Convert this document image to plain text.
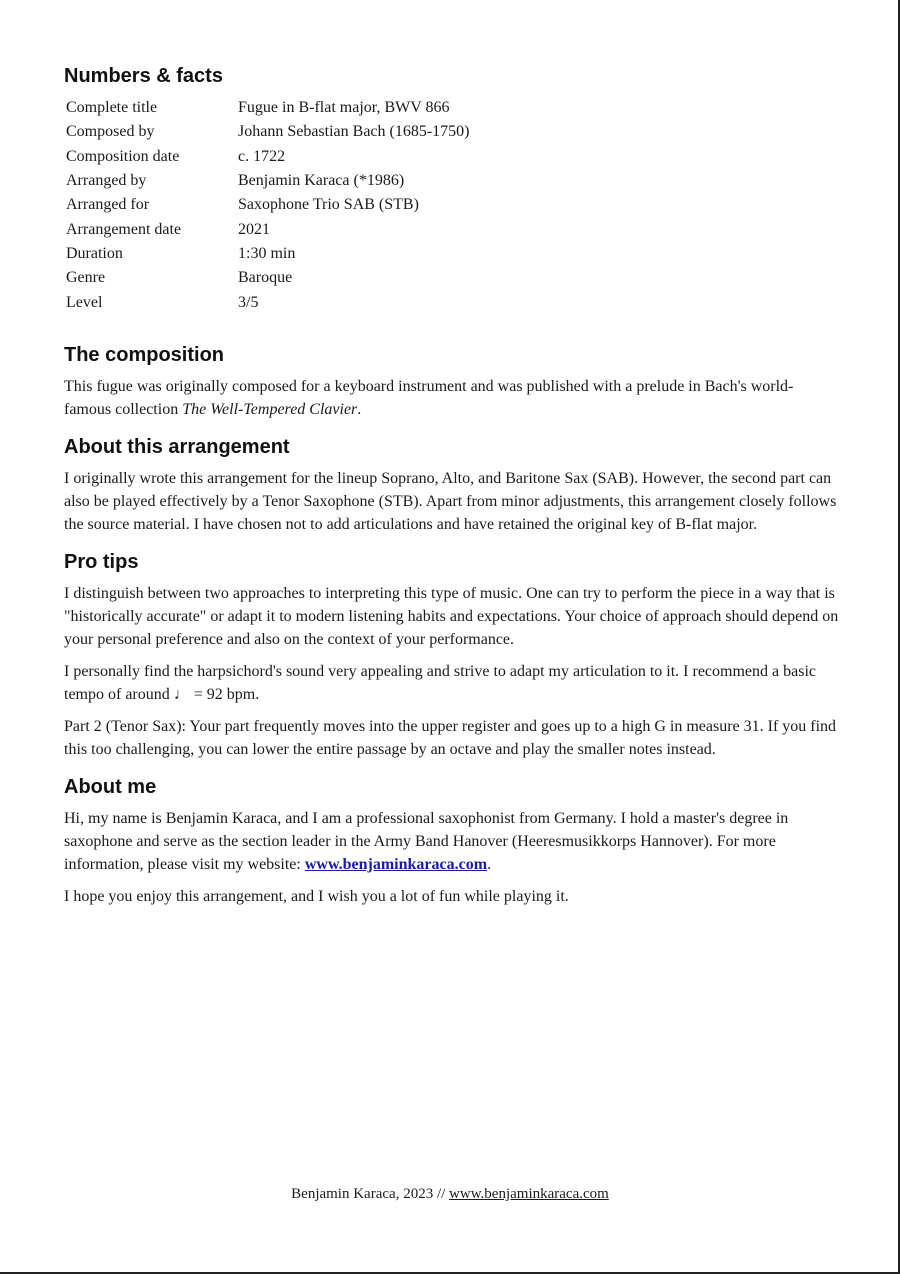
Numbers & facts
Complete title	Fugue in B-flat major, BWV 866
Composed by	Johann Sebastian Bach (1685-1750)
Composition date	c. 1722
Arranged by	Benjamin Karaca (*1986)
Arranged for	Saxophone Trio SAB (STB)
Arrangement date	2021
Duration	1:30 min
Genre	Baroque
Level	3/5
The composition

This fugue was originally composed for a keyboard instrument and was published with a prelude in Bach's world-famous collection The Well-Tempered Clavier.

About this arrangement

I originally wrote this arrangement for the lineup Soprano, Alto, and Baritone Sax (SAB). However, the second part can also be played effectively by a Tenor Saxophone (STB). Apart from minor adjustments, this arrangement closely follows the source material. I have chosen not to add articulations and have retained the original key of B-flat major.

Pro tips

I distinguish between two approaches to interpreting this type of music. One can try to perform the piece in a way that is "historically accurate" or adapt it to modern listening habits and expectations. Your choice of approach should depend on your personal preference and also on the context of your performance.

I personally find the harpsichord's sound very appealing and strive to adapt my articulation to it. I recommend a basic tempo of around ♩ = 92 bpm.

Part 2 (Tenor Sax): Your part frequently moves into the upper register and goes up to a high G in measure 31. If you find this too challenging, you can lower the entire passage by an octave and play the smaller notes instead.

About me

Hi, my name is Benjamin Karaca, and I am a professional saxophonist from Germany. I hold a master's degree in saxophone and serve as the section leader in the Army Band Hanover (Heeresmusikkorps Hannover). For more information, please visit my website: www.benjaminkaraca.com.

I hope you enjoy this arrangement, and I wish you a lot of fun while playing it.

Benjamin Karaca, 2023 // www.benjaminkaraca.com
